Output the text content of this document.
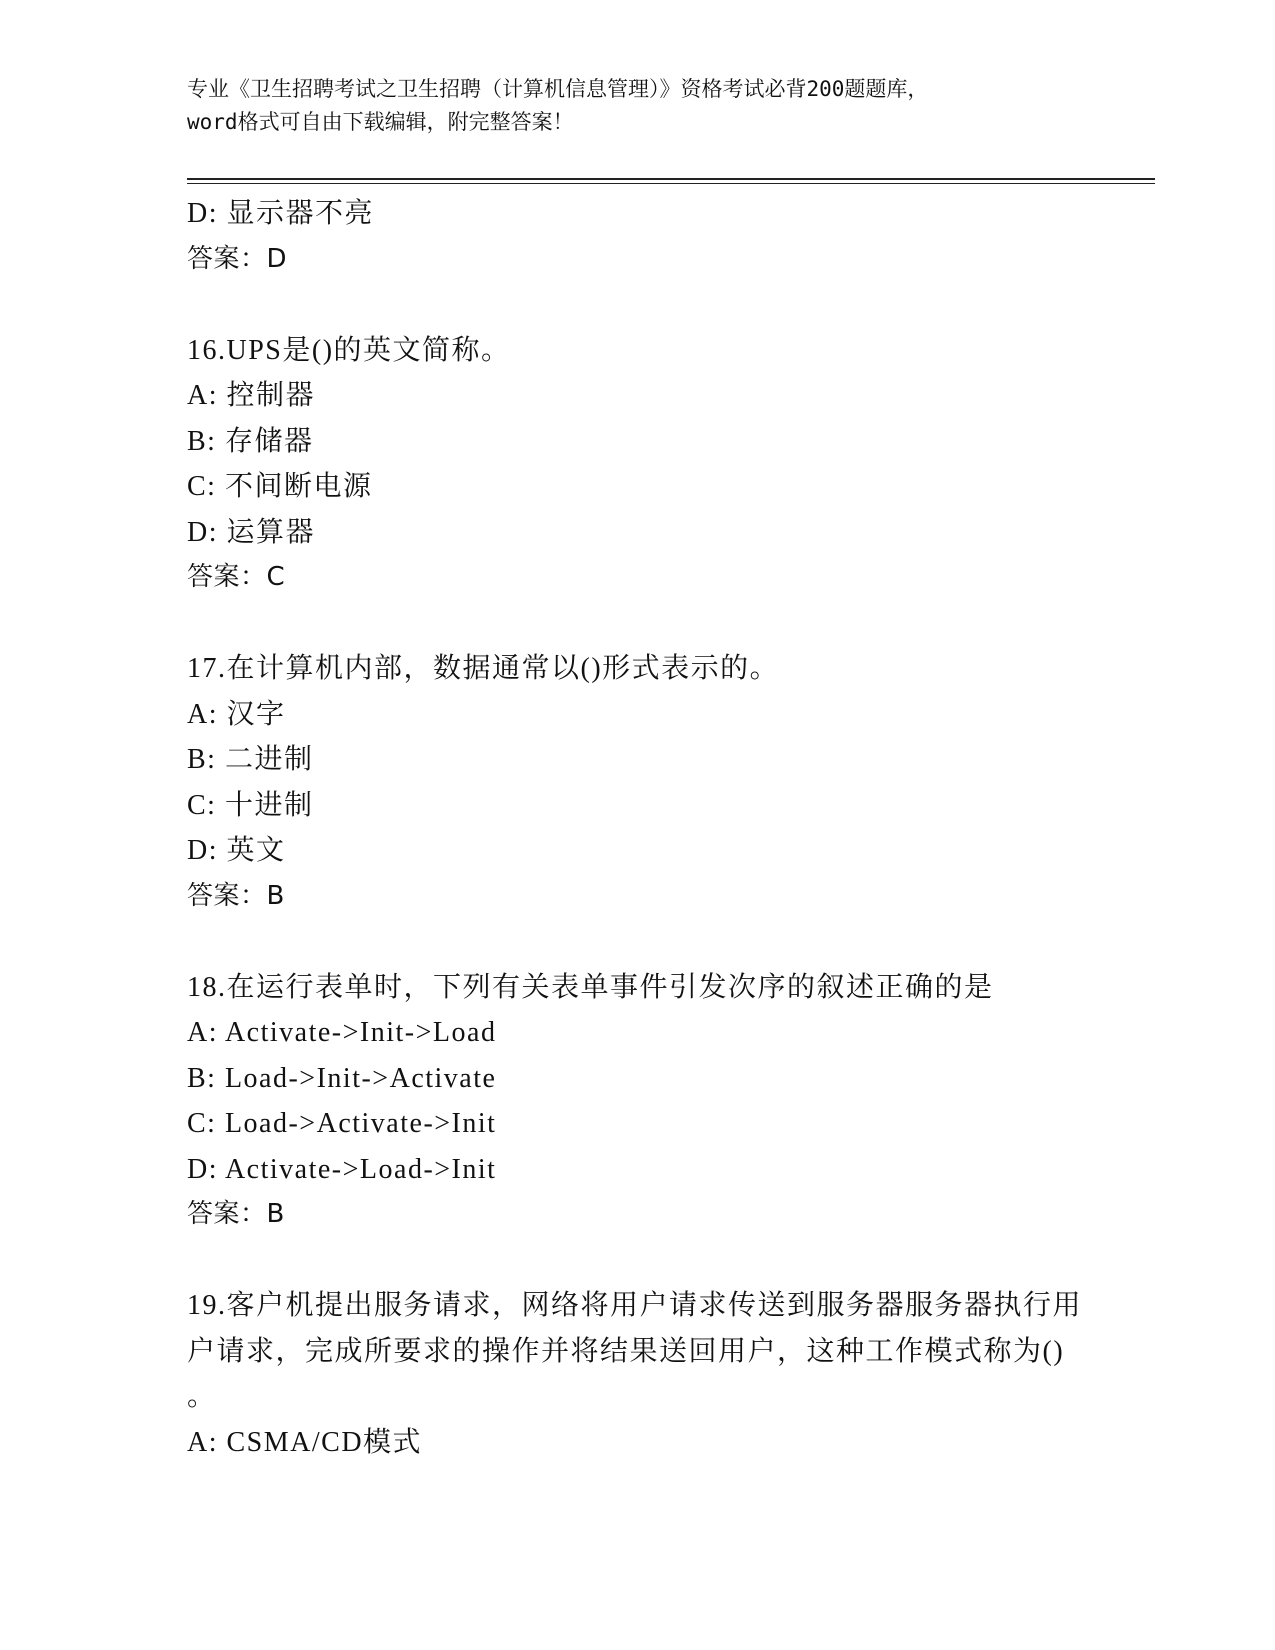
专业《卫生招聘考试之卫生招聘（计算机信息管理）》资格考试必背200题题库，
word格式可自由下载编辑，附完整答案！
D: 显示器不亮
答案：D
16.UPS是()的英文简称。
A: 控制器
B: 存储器
C: 不间断电源
D: 运算器
答案：C
17.在计算机内部，数据通常以()形式表示的。
A: 汉字
B: 二进制
C: 十进制
D: 英文
答案：B
18.在运行表单时，下列有关表单事件引发次序的叙述正确的是
A: Activate->Init->Load
B: Load->Init->Activate
C: Load->Activate->Init
D: Activate->Load->Init
答案：B
19.客户机提出服务请求，网络将用户请求传送到服务器服务器执行用
户请求，完成所要求的操作并将结果送回用户，这种工作模式称为()
。
A: CSMA/CD模式
